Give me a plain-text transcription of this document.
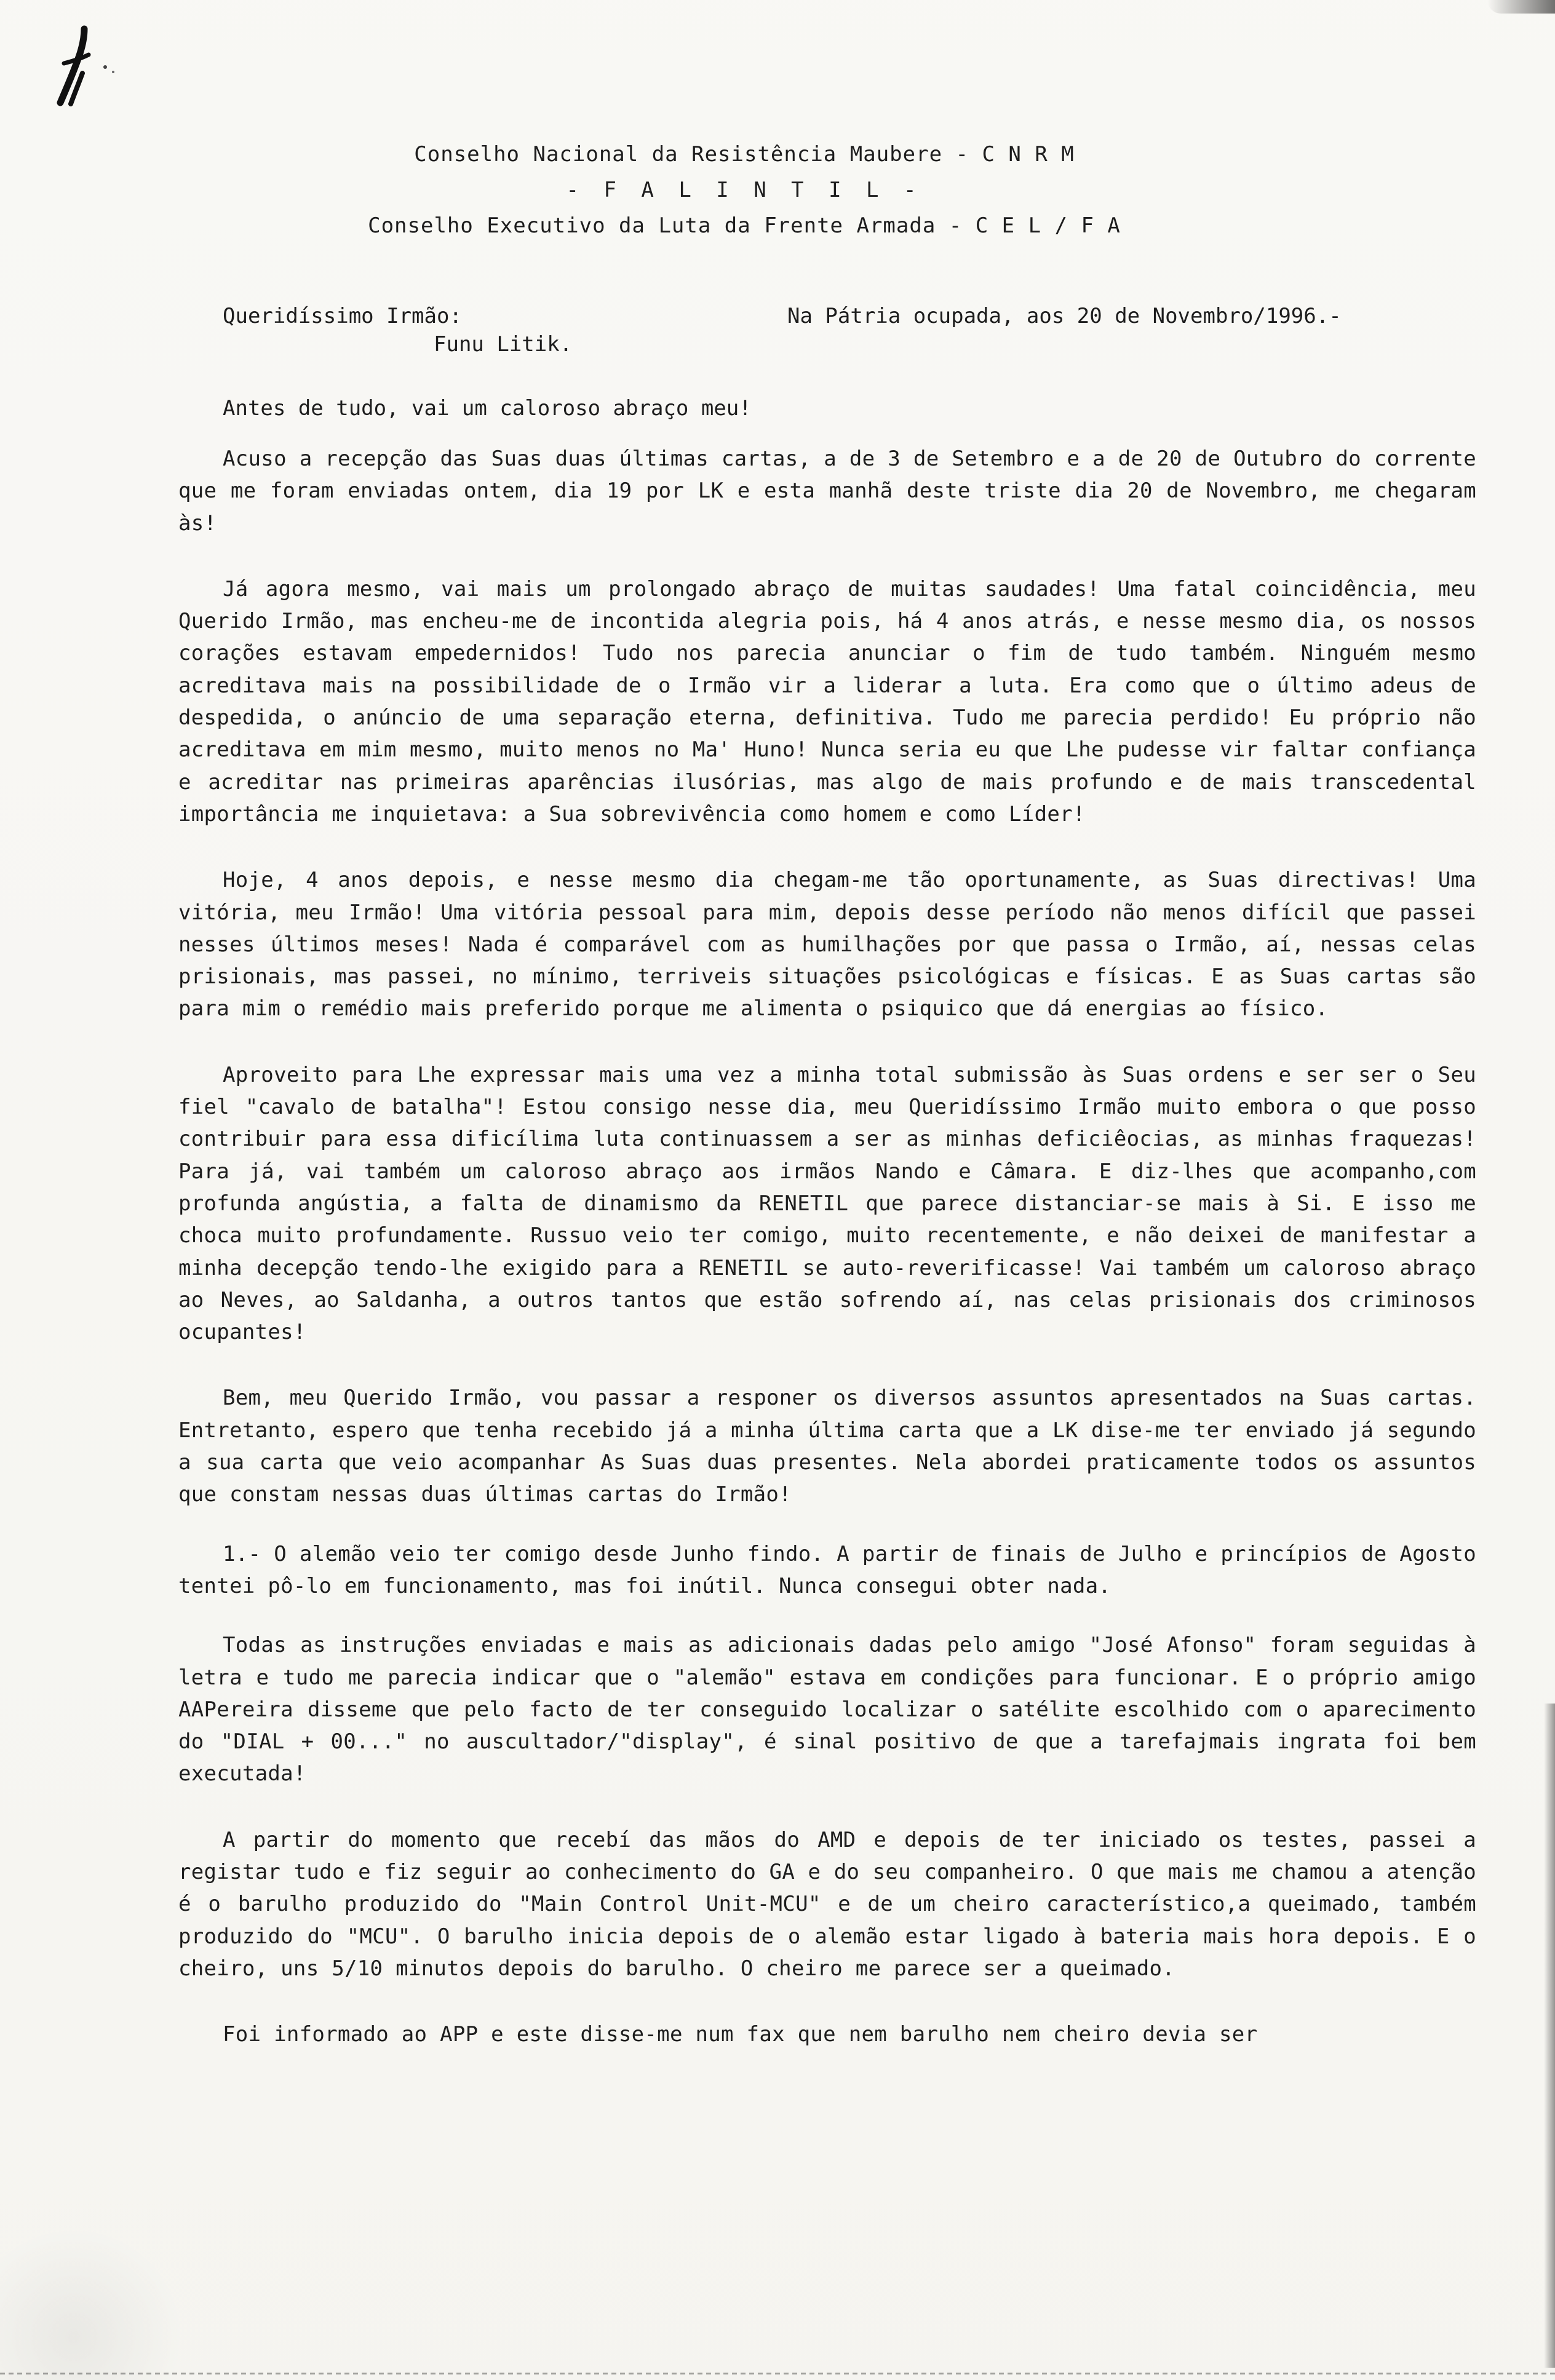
Conselho Nacional da Resistência Maubere - C N R M
- F A L I N T I L -
Conselho Executivo da Luta da Frente Armada - C E L / F A
Queridíssimo Irmão:
Funu Litik.
Na Pátria ocupada, aos 20 de Novembro/1996.-
Antes de tudo, vai um caloroso abraço meu!

Acuso a recepção das Suas duas últimas cartas, a de 3 de Setembro e a de 20 de Outubro do corrente que me foram enviadas ontem, dia 19 por LK e esta manhã deste triste dia 20 de Novembro, me chegaram às!

Já agora mesmo, vai mais um prolongado abraço de muitas saudades! Uma fatal coincidência, meu Querido Irmão, mas encheu-me de incontida alegria pois, há 4 anos atrás, e nesse mesmo dia, os nossos corações estavam empedernidos! Tudo nos parecia anunciar o fim de tudo também. Ninguém mesmo acreditava mais na possibilidade de o Irmão vir a liderar a luta. Era como que o último adeus de despedida, o anúncio de uma separação eterna, definitiva. Tudo me parecia perdido! Eu próprio não acreditava em mim mesmo, muito menos no Ma' Huno! Nunca seria eu que Lhe pudesse vir faltar confiança e acreditar nas primeiras aparências ilusórias, mas algo de mais profundo e de mais transcedental importância me inquietava: a Sua sobrevivência como homem e como Líder!

Hoje, 4 anos depois, e nesse mesmo dia chegam-me tão oportunamente, as Suas directivas! Uma vitória, meu Irmão! Uma vitória pessoal para mim, depois desse período não menos difícil que passei nesses últimos meses! Nada é comparável com as humilhações por que passa o Irmão, aí, nessas celas prisionais, mas passei, no mínimo, terriveis situações psicológicas e físicas. E as Suas cartas são para mim o remédio mais preferido porque me alimenta o psiquico que dá energias ao físico.

Aproveito para Lhe expressar mais uma vez a minha total submissão às Suas ordens e ser ser o Seu fiel "cavalo de batalha"! Estou consigo nesse dia, meu Queridíssimo Irmão muito embora o que posso contribuir para essa dificílima luta continuassem a ser as minhas deficiêocias, as minhas fraquezas! Para já, vai também um caloroso abraço aos irmãos Nando e Câmara. E diz-lhes que acompanho,com profunda angústia, a falta de dinamismo da RENETIL que parece distanciar-se mais à Si. E isso me choca muito profundamente. Russuo veio ter comigo, muito recentemente, e não deixei de manifestar a minha decepção tendo-lhe exigido para a RENETIL se auto-reverificasse! Vai também um caloroso abraço ao Neves, ao Saldanha, a outros tantos que estão sofrendo aí, nas celas prisionais dos criminosos ocupantes!

Bem, meu Querido Irmão, vou passar a responer os diversos assuntos apresentados na Suas cartas. Entretanto, espero que tenha recebido já a minha última carta que a LK dise-me ter enviado já segundo a sua carta que veio acompanhar As Suas duas presentes. Nela abordei praticamente todos os assuntos que constam nessas duas últimas cartas do Irmão!

1.- O alemão veio ter comigo desde Junho findo. A partir de finais de Julho e princípios de Agosto tentei pô-lo em funcionamento, mas foi inútil. Nunca consegui obter nada.

Todas as instruções enviadas e mais as adicionais dadas pelo amigo "José Afonso" foram seguidas à letra e tudo me parecia indicar que o "alemão" estava em condições para funcionar. E o próprio amigo AAPereira disseme que pelo facto de ter conseguido localizar o satélite escolhido com o aparecimento do "DIAL + 00..." no auscultador/"display", é sinal positivo de que a tarefajmais ingrata foi bem executada!

A partir do momento que recebí das mãos do AMD e depois de ter iniciado os testes, passei a registar tudo e fiz seguir ao conhecimento do GA e do seu companheiro. O que mais me chamou a atenção é o barulho produzido do "Main Control Unit-MCU" e de um cheiro característico,a queimado, também produzido do "MCU". O barulho inicia depois de o alemão estar ligado à bateria mais hora depois. E o cheiro, uns 5/10 minutos depois do barulho. O cheiro me parece ser a queimado.

Foi informado ao APP e este disse-me num fax que nem barulho nem cheiro devia ser
